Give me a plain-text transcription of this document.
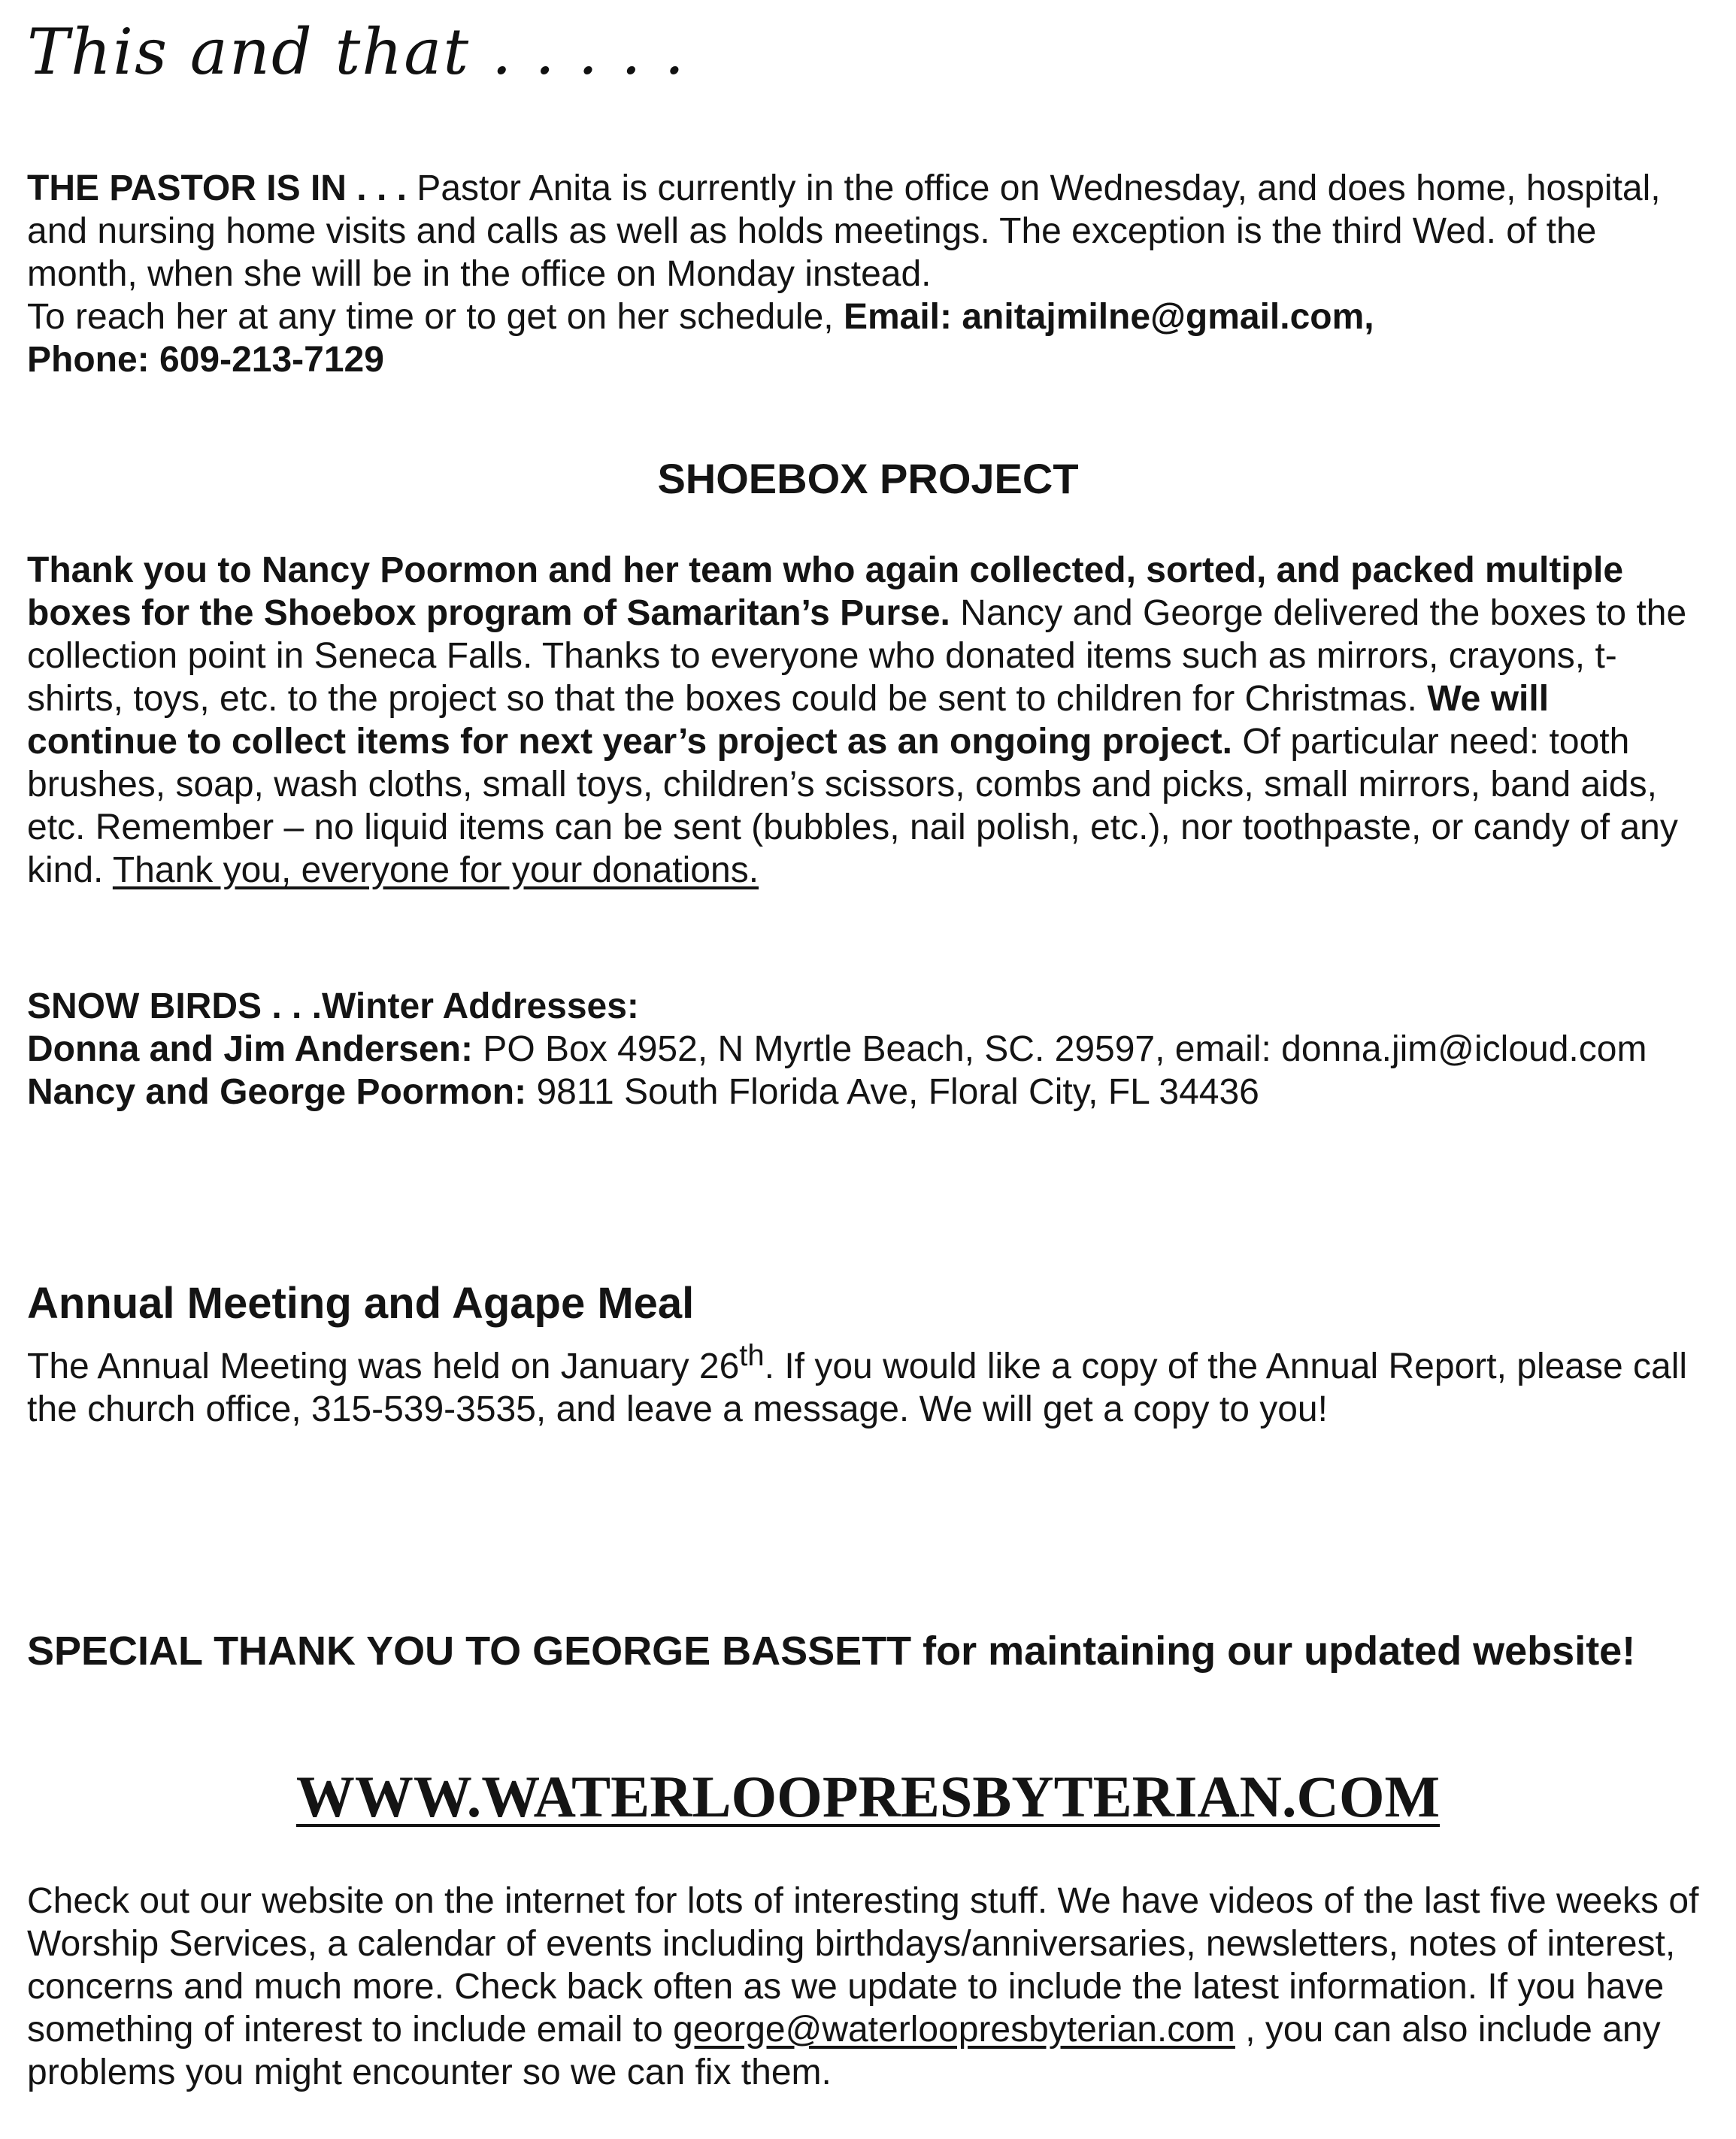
This and that . . . . .

THE PASTOR IS IN . . . Pastor Anita is currently in the office on Wednesday, and does home, hospital, and nursing home visits and calls as well as holds meetings. The exception is the third Wed. of the month, when she will be in the office on Monday instead.

To reach her at any time or to get on her schedule, Email: anitajmilne@gmail.com,

Phone: 609-213-7129

SHOEBOX PROJECT

Thank you to Nancy Poormon and her team who again collected, sorted, and packed multiple boxes for the Shoebox program of Samaritan’s Purse. Nancy and George delivered the boxes to the collection point in Seneca Falls. Thanks to everyone who donated items such as mirrors, crayons, t-shirts, toys, etc. to the project so that the boxes could be sent to children for Christmas. We will continue to collect items for next year’s project as an ongoing project. Of particular need: tooth brushes, soap, wash cloths, small toys, children’s scissors, combs and picks, small mirrors, band aids, etc. Remember – no liquid items can be sent (bubbles, nail polish, etc.), nor toothpaste, or candy of any kind. Thank you, everyone for your donations.

SNOW BIRDS . . .Winter Addresses:

Donna and Jim Andersen: PO Box 4952, N Myrtle Beach, SC. 29597, email: donna.jim@icloud.com

Nancy and George Poormon: 9811 South Florida Ave, Floral City, FL 34436

Annual Meeting and Agape Meal

The Annual Meeting was held on January 26th. If you would like a copy of the Annual Report, please call the church office, 315-539-3535, and leave a message. We will get a copy to you!

SPECIAL THANK YOU TO GEORGE BASSETT for maintaining our updated website!
WWW.WATERLOOPRESBYTERIAN.COM

Check out our website on the internet for lots of interesting stuff. We have videos of the last five weeks of Worship Services, a calendar of events including birthdays/anniversaries, newsletters, notes of interest, concerns and much more. Check back often as we update to include the latest information. If you have something of interest to include email to george@waterloopresbyterian.com , you can also include any problems you might encounter so we can fix them.
